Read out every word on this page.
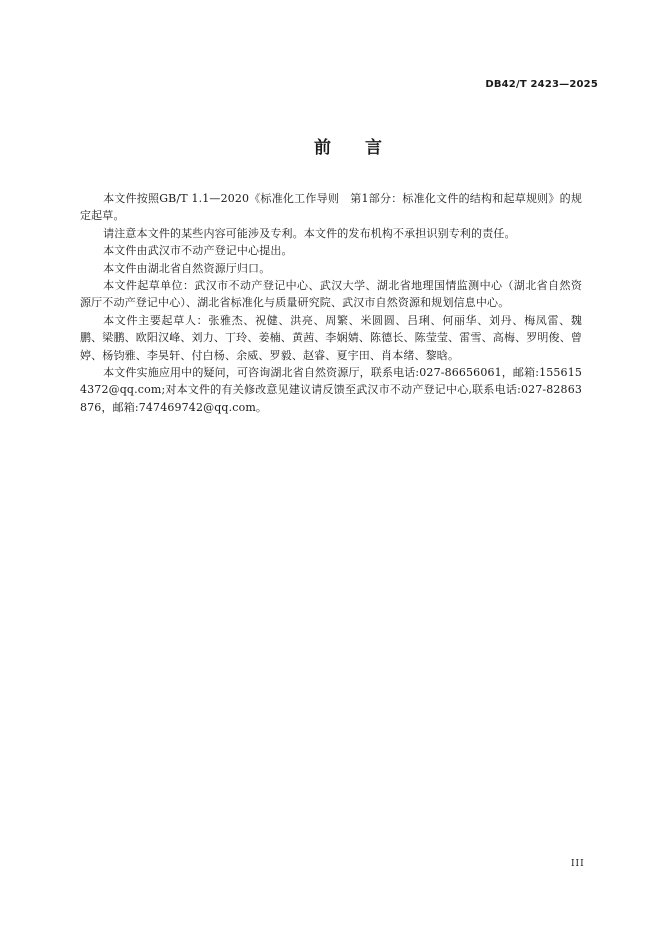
DB42/T 2423—2025
前　　言

本文件按照GB/T 1.1—2020《标准化工作导则　第1部分：标准化文件的结构和起草规则》的规定起草。

请注意本文件的某些内容可能涉及专利。本文件的发布机构不承担识别专利的责任。

本文件由武汉市不动产登记中心提出。

本文件由湖北省自然资源厅归口。

本文件起草单位：武汉市不动产登记中心、武汉大学、湖北省地理国情监测中心（湖北省自然资源厅不动产登记中心）、湖北省标准化与质量研究院、武汉市自然资源和规划信息中心。

本文件主要起草人：张雅杰、祝健、洪亮、周繁、米圆圆、吕琍、何丽华、刘丹、梅凤雷、魏鹏、梁鹏、欧阳汉峰、刘力、丁玲、姜楠、黄茜、李娴婧、陈德长、陈莹莹、雷雪、高梅、罗明俊、曾婷、杨钧雅、李昊轩、付白杨、余威、罗毅、赵睿、夏宇田、肖本绪、黎晗。

本文件实施应用中的疑问，可咨询湖北省自然资源厅，联系电话:027-86656061，邮箱:1556154372@qq.com;对本文件的有关修改意见建议请反馈至武汉市不动产登记中心,联系电话:027-82863876，邮箱:747469742@qq.com。

III
